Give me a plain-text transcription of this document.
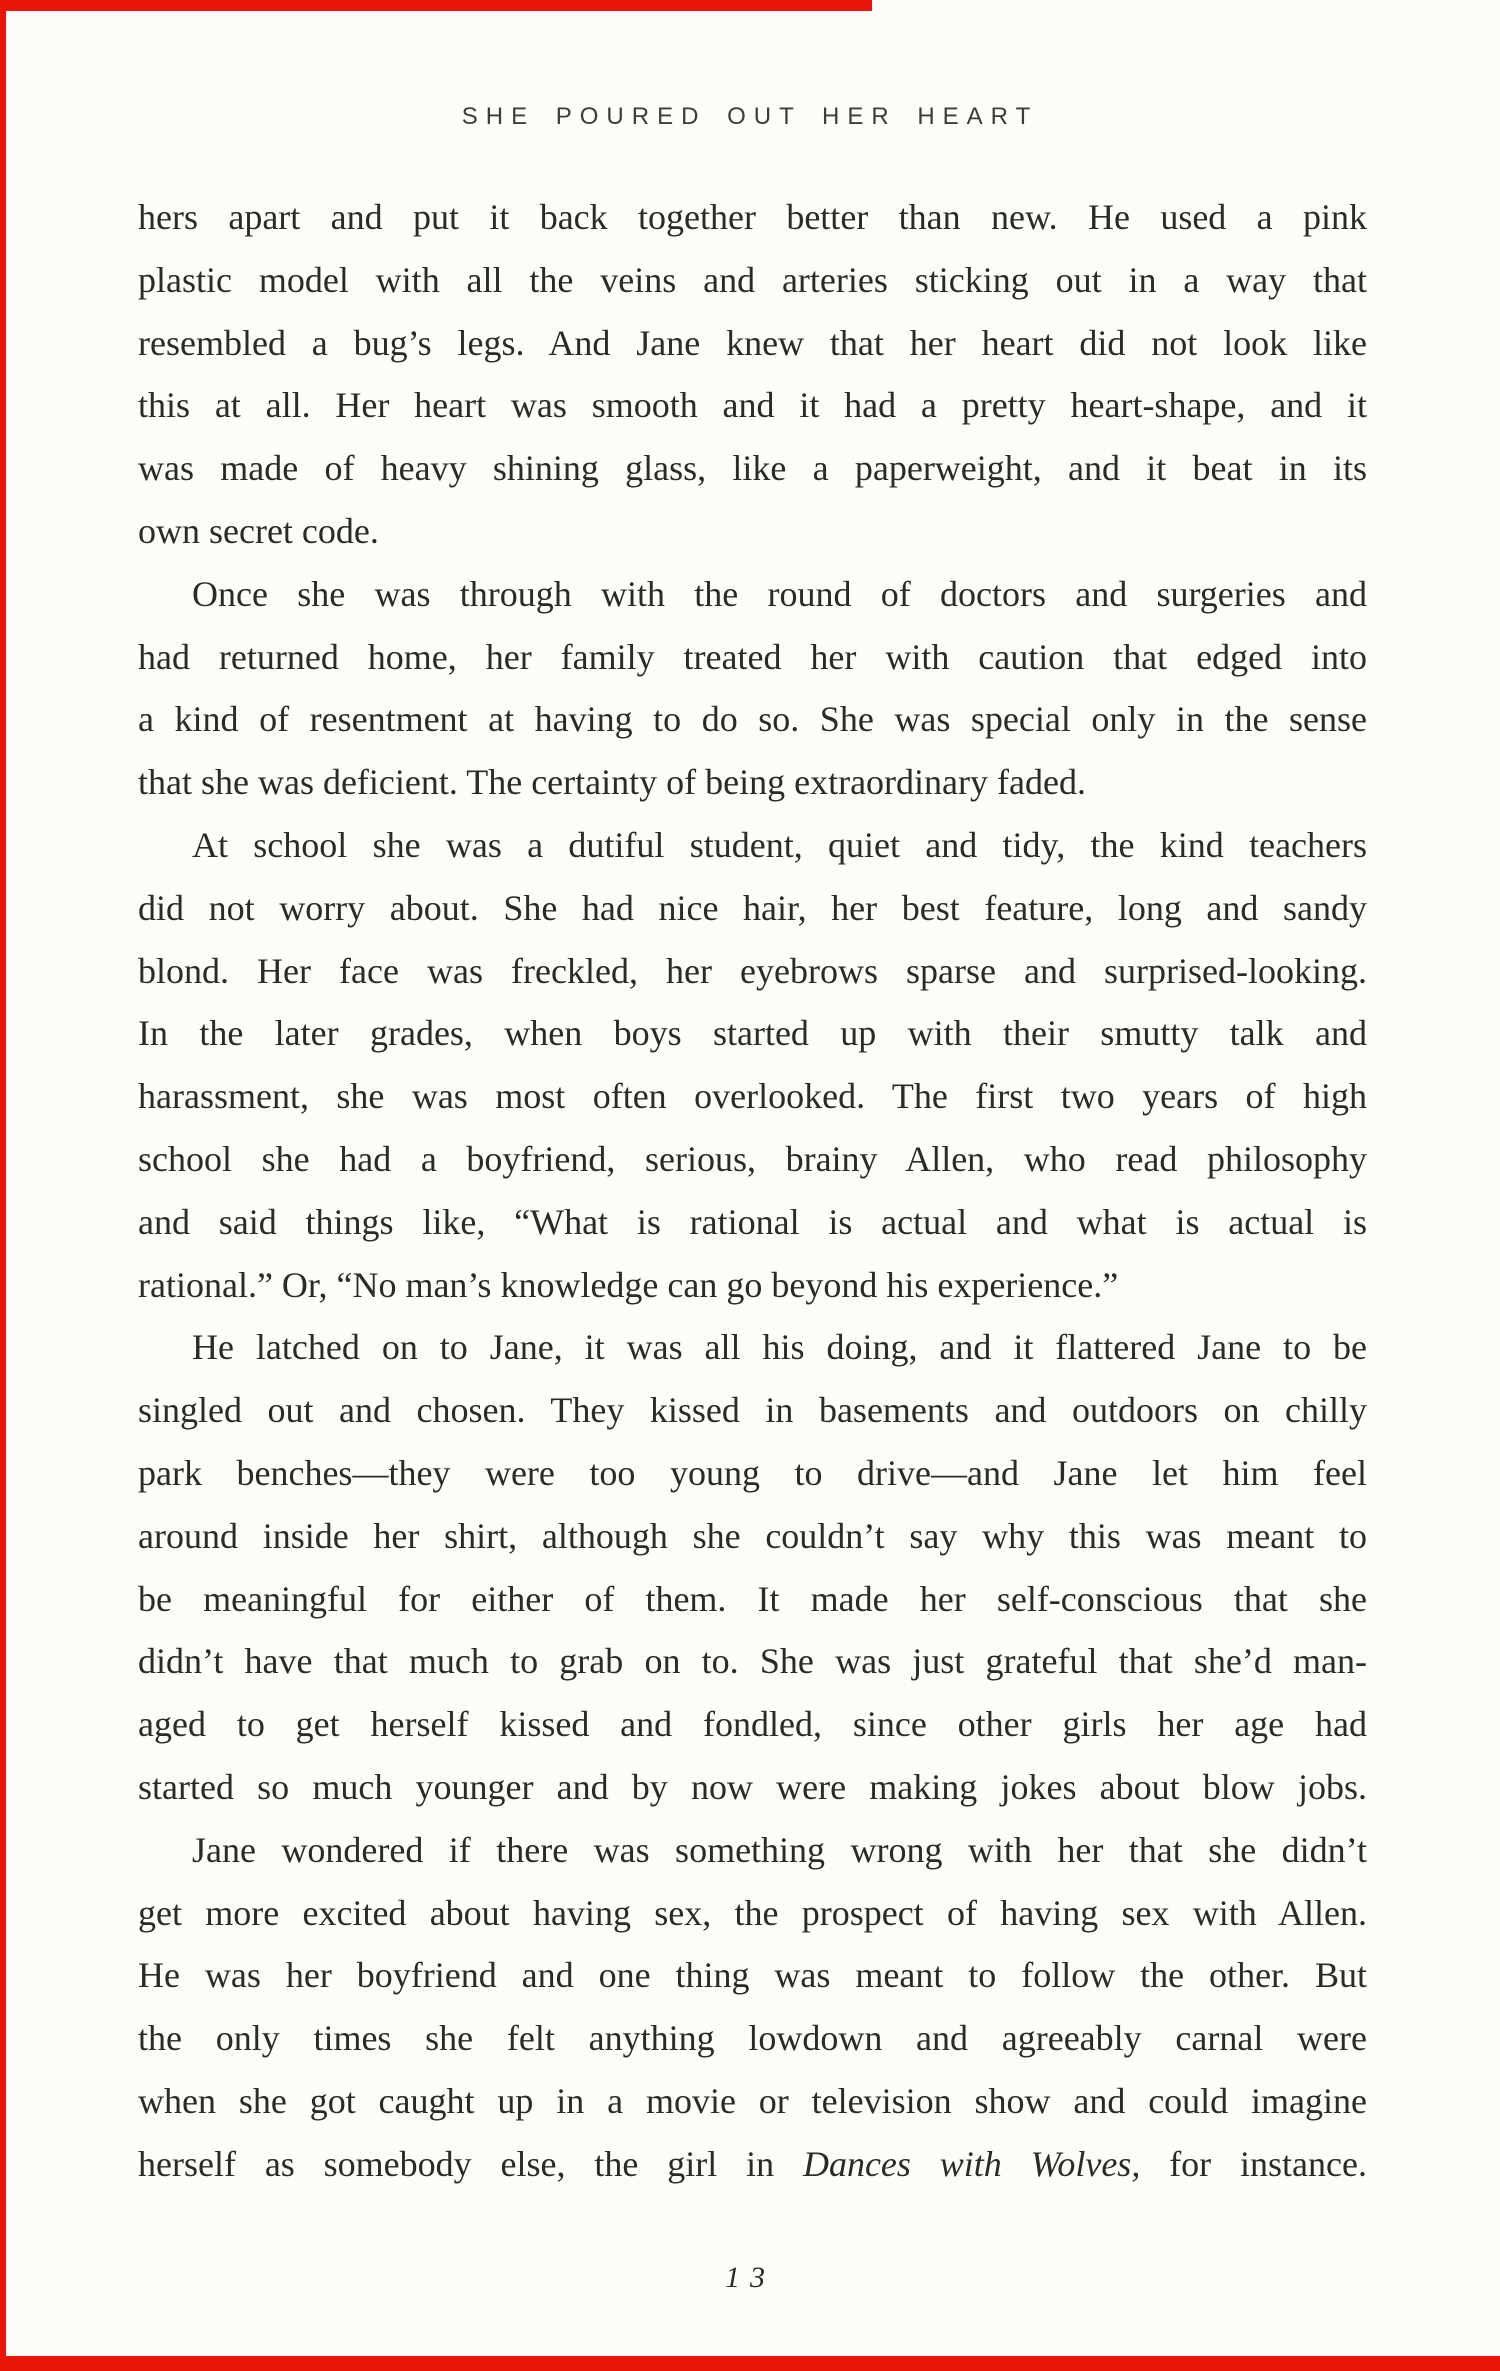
SHE POURED OUT HER HEART
hers apart and put it back together better than new. He used a pink
plastic model with all the veins and arteries sticking out in a way that
resembled a bug’s legs. And Jane knew that her heart did not look like
this at all. Her heart was smooth and it had a pretty heart-shape, and it
was made of heavy shining glass, like a paperweight, and it beat in its
own secret code.
Once she was through with the round of doctors and surgeries and
had returned home, her family treated her with caution that edged into
a kind of resentment at having to do so. She was special only in the sense
that she was deficient. The certainty of being extraordinary faded.
At school she was a dutiful student, quiet and tidy, the kind teachers
did not worry about. She had nice hair, her best feature, long and sandy
blond. Her face was freckled, her eyebrows sparse and surprised-looking.
In the later grades, when boys started up with their smutty talk and
harassment, she was most often overlooked. The first two years of high
school she had a boyfriend, serious, brainy Allen, who read philosophy
and said things like, “What is rational is actual and what is actual is
rational.” Or, “No man’s knowledge can go beyond his experience.”
He latched on to Jane, it was all his doing, and it flattered Jane to be
singled out and chosen. They kissed in basements and outdoors on chilly
park benches—they were too young to drive—and Jane let him feel
around inside her shirt, although she couldn’t say why this was meant to
be meaningful for either of them. It made her self-conscious that she
didn’t have that much to grab on to. She was just grateful that she’d man-
aged to get herself kissed and fondled, since other girls her age had
started so much younger and by now were making jokes about blow jobs.
Jane wondered if there was something wrong with her that she didn’t
get more excited about having sex, the prospect of having sex with Allen.
He was her boyfriend and one thing was meant to follow the other. But
the only times she felt anything lowdown and agreeably carnal were
when she got caught up in a movie or television show and could imagine
herself as somebody else, the girl in Dances with Wolves, for instance.
13
